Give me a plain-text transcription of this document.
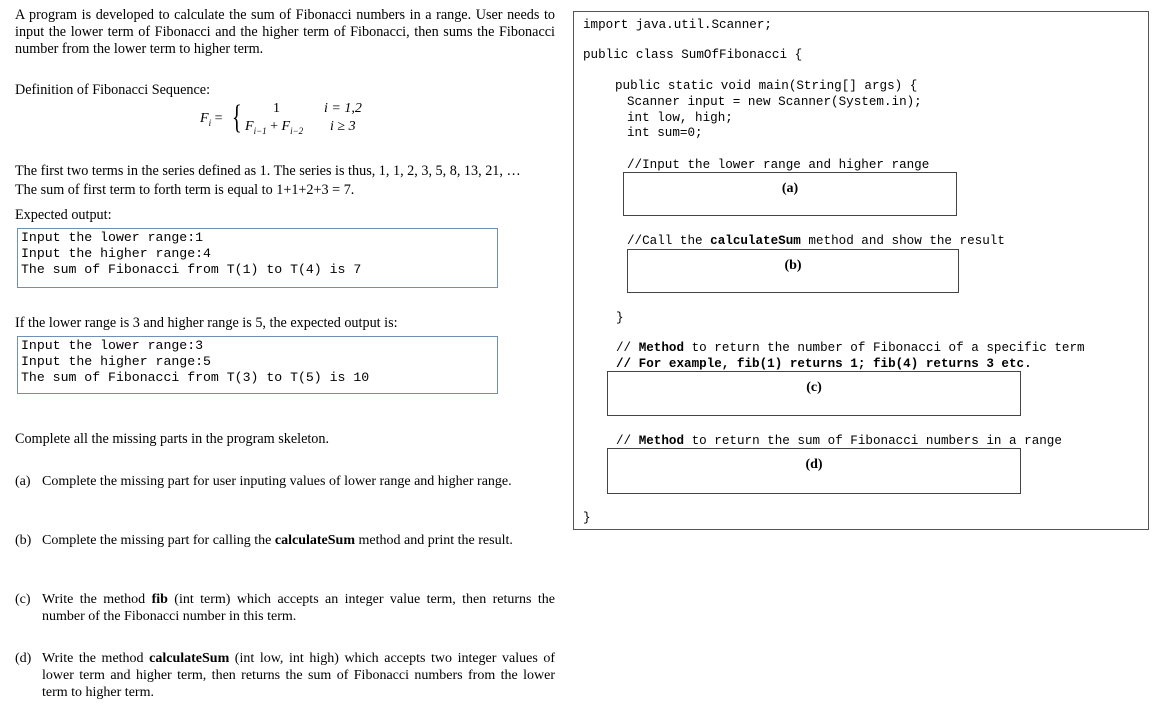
A program is developed to calculate the sum of Fibonacci numbers in a range. User needs to input the lower term of Fibonacci and the higher term of Fibonacci, then sums the Fibonacci number from the lower term to higher term.
Definition of Fibonacci Sequence:
$F_i$ = { 1	i = 1,2
$F_{i-1} + F_{i-2}$ i ≥ 3
The first two terms in the series defined as 1. The series is thus, 1, 1, 2, 3, 5, 8, 13, 21, …
The sum of first term to forth term is equal to 1+1+2+3 = 7.
Expected output:
Input the lower range:1
Input the higher range:4
The sum of Fibonacci from T(1) to T(4) is 7
If the lower range is 3 and higher range is 5, the expected output is:
Input the lower range:3
Input the higher range:5
The sum of Fibonacci from T(3) to T(5) is 10
Complete all the missing parts in the program skeleton.
(a) Complete the missing part for user inputing values of lower range and higher range.
(b) Complete the missing part for calling the calculateSum method and print the result.
(c) Write the method fib (int term) which accepts an integer value term, then returns the number of the Fibonacci number in this term.
(d) Write the method calculateSum (int low, int high) which accepts two integer values of lower term and higher term, then returns the sum of Fibonacci numbers from the lower term to higher term.
import java.util.Scanner;
public class SumOfFibonacci {
public static void main(String[] args) {
Scanner input = new Scanner(System.in);
int low, high;
int sum=0;
//Input the lower range and higher range
(a)
//Call the calculateSum method and show the result
(b)
}
// Method to return the number of Fibonacci of a specific term
// For example, fib(1) returns 1; fib(4) returns 3 etc.
(c)
// Method to return the sum of Fibonacci numbers in a range
(d)
}
